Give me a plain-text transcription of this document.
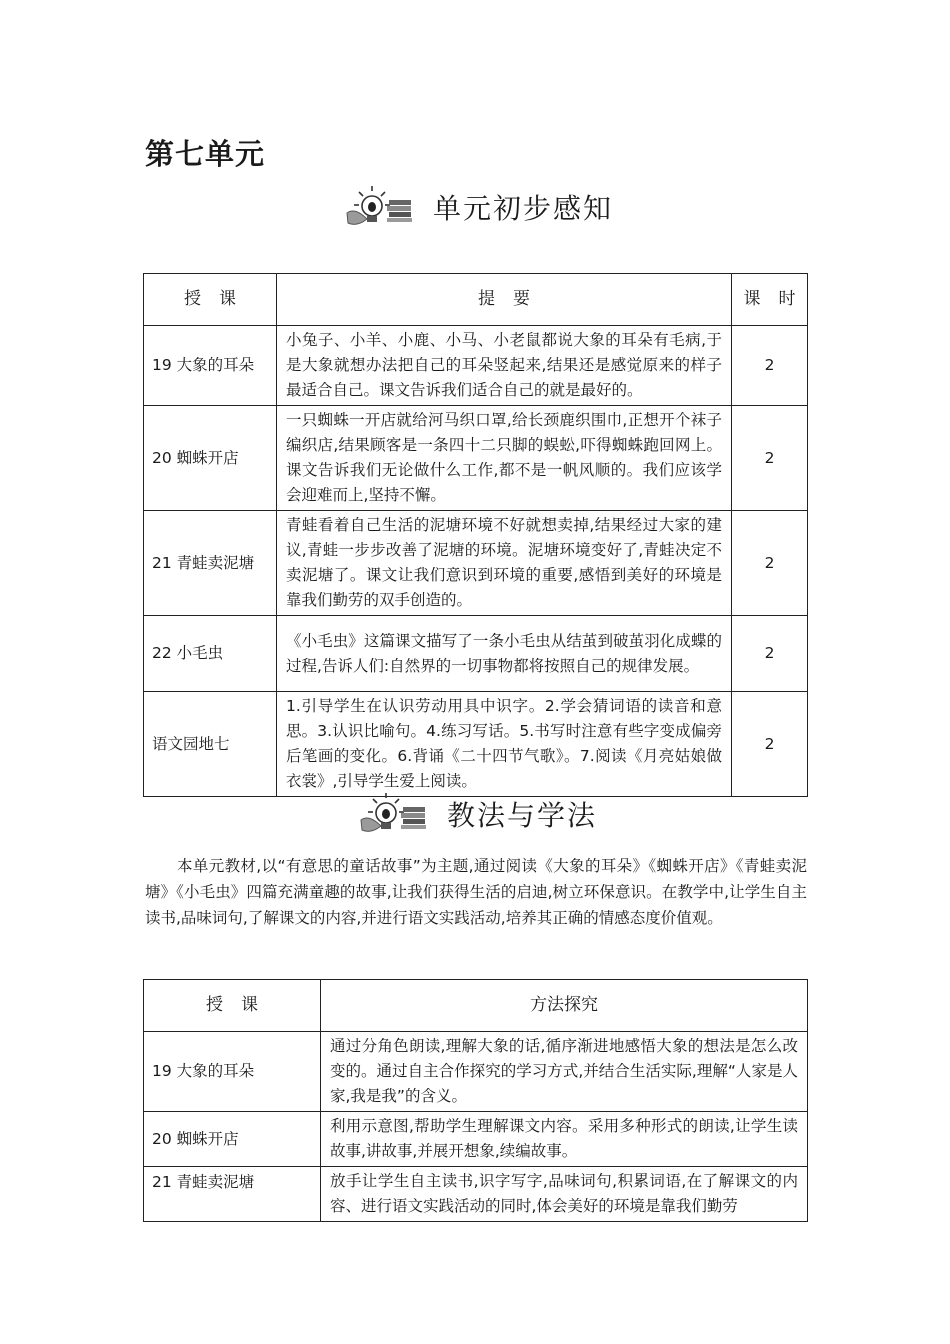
第七单元
单元初步感知
授课	提要	课时
19 大象的耳朵	小兔子、小羊、小鹿、小马、小老鼠都说大象的耳朵有毛病,于是大象就想办法把自己的耳朵竖起来,结果还是感觉原来的样子最适合自己。课文告诉我们适合自己的就是最好的。	2
20 蜘蛛开店	一只蜘蛛一开店就给河马织口罩,给长颈鹿织围巾,正想开个袜子编织店,结果顾客是一条四十二只脚的蜈蚣,吓得蜘蛛跑回网上。课文告诉我们无论做什么工作,都不是一帆风顺的。我们应该学会迎难而上,坚持不懈。	2
21 青蛙卖泥塘	青蛙看着自己生活的泥塘环境不好就想卖掉,结果经过大家的建议,青蛙一步步改善了泥塘的环境。泥塘环境变好了,青蛙决定不卖泥塘了。课文让我们意识到环境的重要,感悟到美好的环境是靠我们勤劳的双手创造的。	2
22 小毛虫	《小毛虫》这篇课文描写了一条小毛虫从结茧到破茧羽化成蝶的过程,告诉人们:自然界的一切事物都将按照自己的规律发展。	2
语文园地七	1.引导学生在认识劳动用具中识字。2.学会猜词语的读音和意思。3.认识比喻句。4.练习写话。5.书写时注意有些字变成偏旁后笔画的变化。6.背诵《二十四节气歌》。7.阅读《月亮姑娘做衣裳》,引导学生爱上阅读。	2
教法与学法
本单元教材,以“有意思的童话故事”为主题,通过阅读《大象的耳朵》《蜘蛛开店》《青蛙卖泥塘》《小毛虫》四篇充满童趣的故事,让我们获得生活的启迪,树立环保意识。在教学中,让学生自主读书,品味词句,了解课文的内容,并进行语文实践活动,培养其正确的情感态度价值观。
授课	方法探究
19 大象的耳朵	通过分角色朗读,理解大象的话,循序渐进地感悟大象的想法是怎么改变的。通过自主合作探究的学习方式,并结合生活实际,理解“人家是人家,我是我”的含义。
20 蜘蛛开店	利用示意图,帮助学生理解课文内容。采用多种形式的朗读,让学生读故事,讲故事,并展开想象,续编故事。
21 青蛙卖泥塘	放手让学生自主读书,识字写字,品味词句,积累词语,在了解课文的内容、进行语文实践活动的同时,体会美好的环境是靠我们勤劳
